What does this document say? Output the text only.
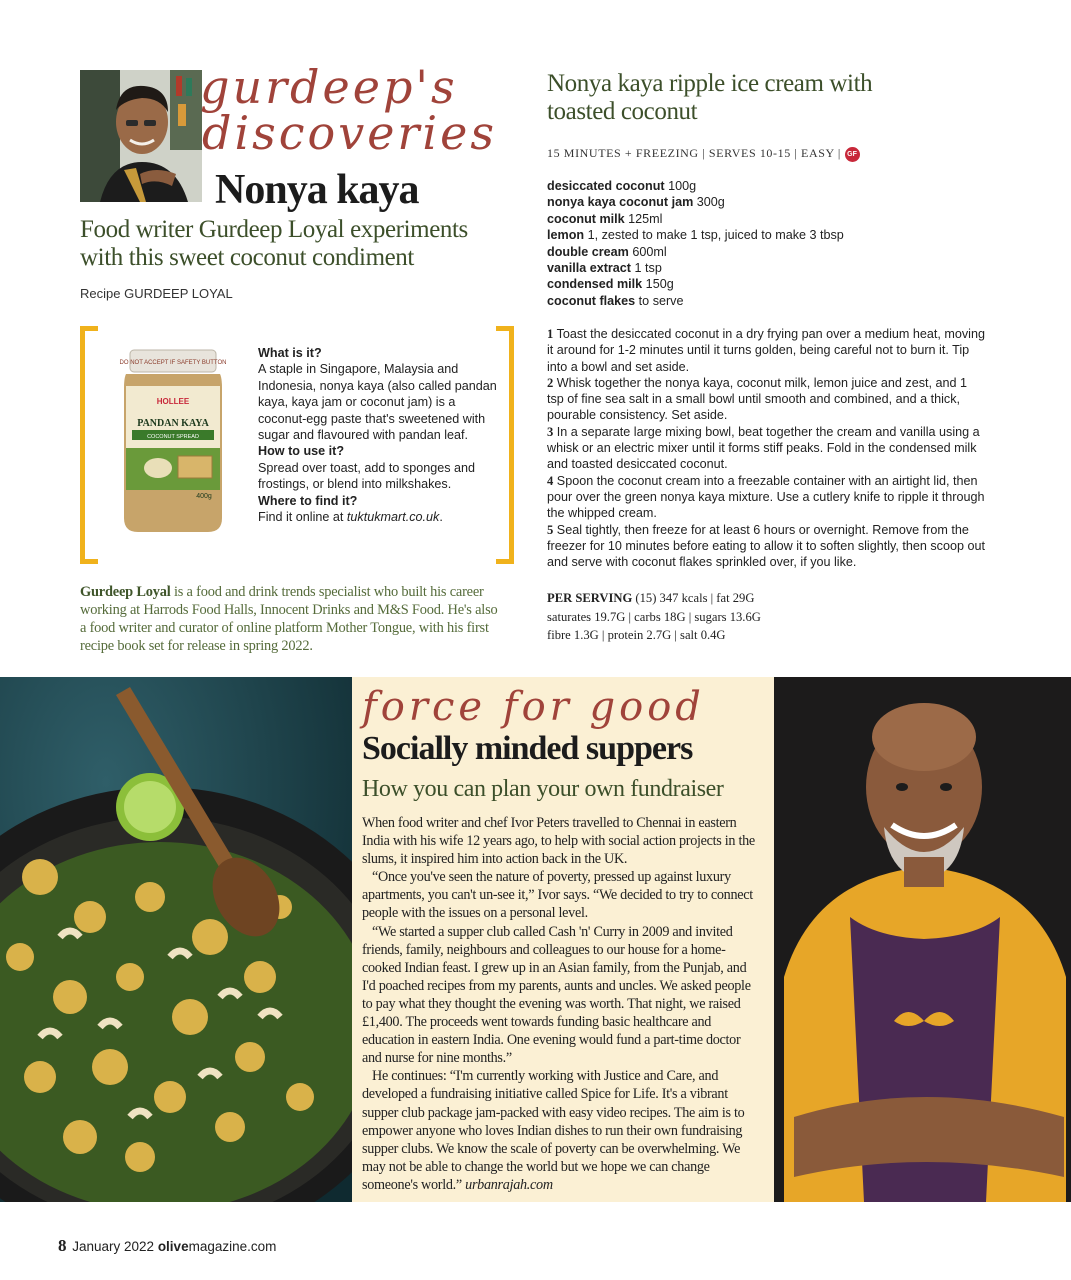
gurdeep's
discoveries
Nonya kaya
Food writer Gurdeep Loyal experiments with this sweet coconut condiment
Recipe GURDEEP LOYAL
DO NOT ACCEPT IF SAFETY BUTTON
HOLLEE
PANDAN KAYA
COCONUT SPREAD
400g
What is it?
A staple in Singapore, Malaysia and Indonesia, nonya kaya (also called pandan kaya, kaya jam or coconut jam) is a coconut-egg paste that's sweetened with sugar and flavoured with pandan leaf.
How to use it?
Spread over toast, add to sponges and frostings, or blend into milkshakes.
Where to find it?
Find it online at tuktukmart.co.uk.
Gurdeep Loyal is a food and drink trends specialist who built his career working at Harrods Food Halls, Innocent Drinks and M&S Food. He's also a food writer and curator of online platform Mother Tongue, with his first recipe book set for release in spring 2022.
Nonya kaya ripple ice cream with toasted coconut
15 MINUTES + FREEZING | SERVES 10-15 | EASY | GF
desiccated coconut 100g
nonya kaya coconut jam 300g
coconut milk 125ml
lemon 1, zested to make 1 tsp, juiced to make 3 tbsp
double cream 600ml
vanilla extract 1 tsp
condensed milk 150g
coconut flakes to serve
1 Toast the desiccated coconut in a dry frying pan over a medium heat, moving it around for 1-2 minutes until it turns golden, being careful not to burn it. Tip into a bowl and set aside.
2 Whisk together the nonya kaya, coconut milk, lemon juice and zest, and 1 tsp of fine sea salt in a small bowl until smooth and combined, and a thick, pourable consistency. Set aside.
3 In a separate large mixing bowl, beat together the cream and vanilla using a whisk or an electric mixer until it forms stiff peaks. Fold in the condensed milk and toasted desiccated coconut.
4 Spoon the coconut cream into a freezable container with an airtight lid, then pour over the green nonya kaya mixture. Use a cutlery knife to ripple it through the whipped cream.
5 Seal tightly, then freeze for at least 6 hours or overnight. Remove from the freezer for 10 minutes before eating to allow it to soften slightly, then scoop out and serve with coconut flakes sprinkled over, if you like.
PER SERVING (15) 347 kcals | fat 29G
saturates 19.7G | carbs 18G | sugars 13.6G
fibre 1.3G | protein 2.7G | salt 0.4G
force for good
Socially minded suppers
How you can plan your own fundraiser

When food writer and chef Ivor Peters travelled to Chennai in eastern India with his wife 12 years ago, to help with social action projects in the slums, it inspired him into action back in the UK.

“Once you've seen the nature of poverty, pressed up against luxury apartments, you can't un-see it,” Ivor says. “We decided to try to connect people with the issues on a personal level.

“We started a supper club called Cash 'n' Curry in 2009 and invited friends, family, neighbours and colleagues to our house for a home-cooked Indian feast. I grew up in an Asian family, from the Punjab, and I'd poached recipes from my parents, aunts and uncles. We asked people to pay what they thought the evening was worth. That night, we raised £1,400. The proceeds went towards funding basic healthcare and education in eastern India. One evening would fund a part-time doctor and nurse for nine months.”

He continues: “I'm currently working with Justice and Care, and developed a fundraising initiative called Spice for Life. It's a vibrant supper club package jam-packed with easy video recipes. The aim is to empower anyone who loves Indian dishes to run their own fundraising supper clubs. We know the scale of poverty can be overwhelming. We may not be able to change the world but we hope we can change someone's world.” urbanrajah.com

8 January 2022 olivemagazine.com
